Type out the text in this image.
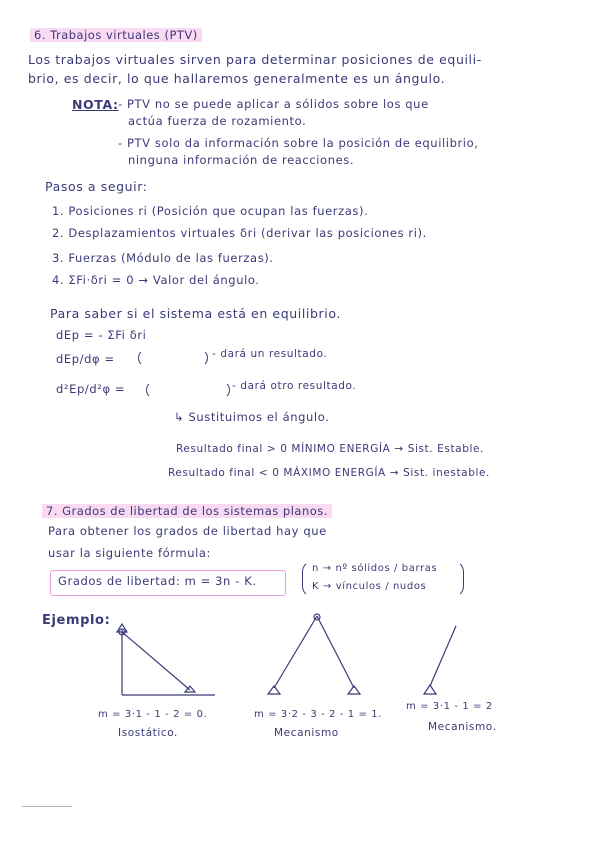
6. Trabajos virtuales (PTV)
Los trabajos virtuales sirven para determinar posiciones de equili-
brio, es decir, lo que hallaremos generalmente es un ángulo.
NOTA: - PTV no se puede aplicar a sólidos sobre los que
actúa fuerza de rozamiento.
- PTV solo da información sobre la posición de equilibrio,
ninguna información de reacciones.
Pasos a seguir:
1. Posiciones ri (Posición que ocupan las fuerzas).
2. Desplazamientos virtuales δri (derivar las posiciones ri).
3. Fuerzas (Módulo de las fuerzas).
4. ΣFi·δri = 0 → Valor del ángulo.
Para saber si el sistema está en equilibrio.
dEp = - ΣFi δri
dEp/dφ =	- dará un resultado.
d²Ep/d²φ =	- dará otro resultado.
↳ Sustituimos el ángulo.
Resultado final > 0 MÍNIMO ENERGÍA → Sist. Estable.
Resultado final < 0 MÁXIMO ENERGÍA → Sist. inestable.
7. Grados de libertad de los sistemas planos.
Para obtener los grados de libertad hay que
usar la siguiente fórmula:
Grados de libertad: m = 3n - K.
n → nº sólidos / barras
K → vínculos / nudos
Ejemplo:
m = 3·1 - 1 - 2 = 0.
Isostático.
m = 3·2 - 3 - 2 - 1 = 1.
Mecanismo
m = 3·1 - 1 = 2
Mecanismo.
